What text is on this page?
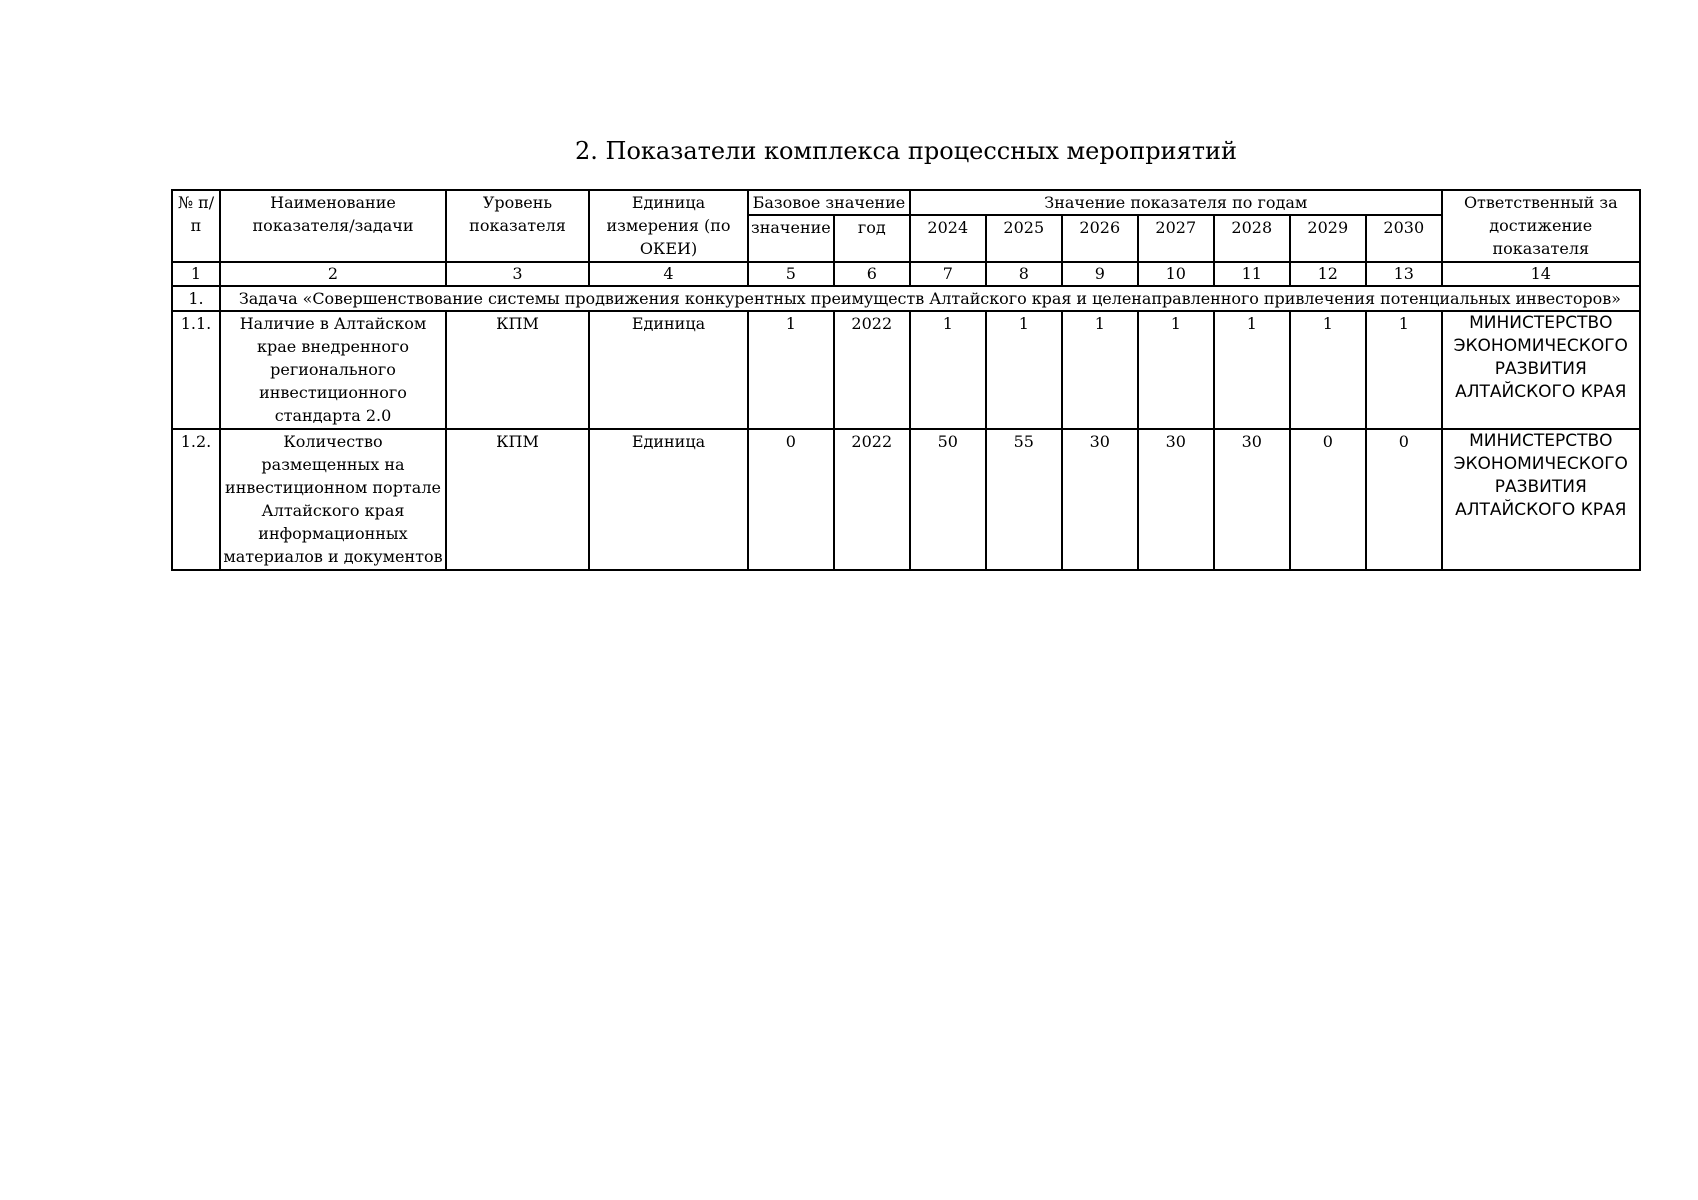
2. Показатели комплекса процессных мероприятий
№ п/п	Наименование показателя/задачи	Уровень показателя	Единица измерения (по ОКЕИ)	Базовое значение		Значение показателя по годам							Ответственный за достижение показателя
				значение	год	2024	2025	2026	2027	2028	2029	2030	
1	2	3	4	5	6	7	8	9	10	11	12	13	14
1.	Задача «Совершенствование системы продвижения конкурентных преимуществ Алтайского края и целенаправленного привлечения потенциальных инвесторов»												
1.1.	Наличие в Алтайском крае внедренного регионального инвестиционного стандарта 2.0	КПМ	Единица	1	2022	1	1	1	1	1	1	1	МИНИСТЕРСТВО ЭКОНОМИЧЕСКОГО РАЗВИТИЯ АЛТАЙСКОГО КРАЯ
1.2.	Количество размещенных на инвестиционном портале Алтайского края информационных материалов и документов	КПМ	Единица	0	2022	50	55	30	30	30	0	0	МИНИСТЕРСТВО ЭКОНОМИЧЕСКОГО РАЗВИТИЯ АЛТАЙСКОГО КРАЯ
